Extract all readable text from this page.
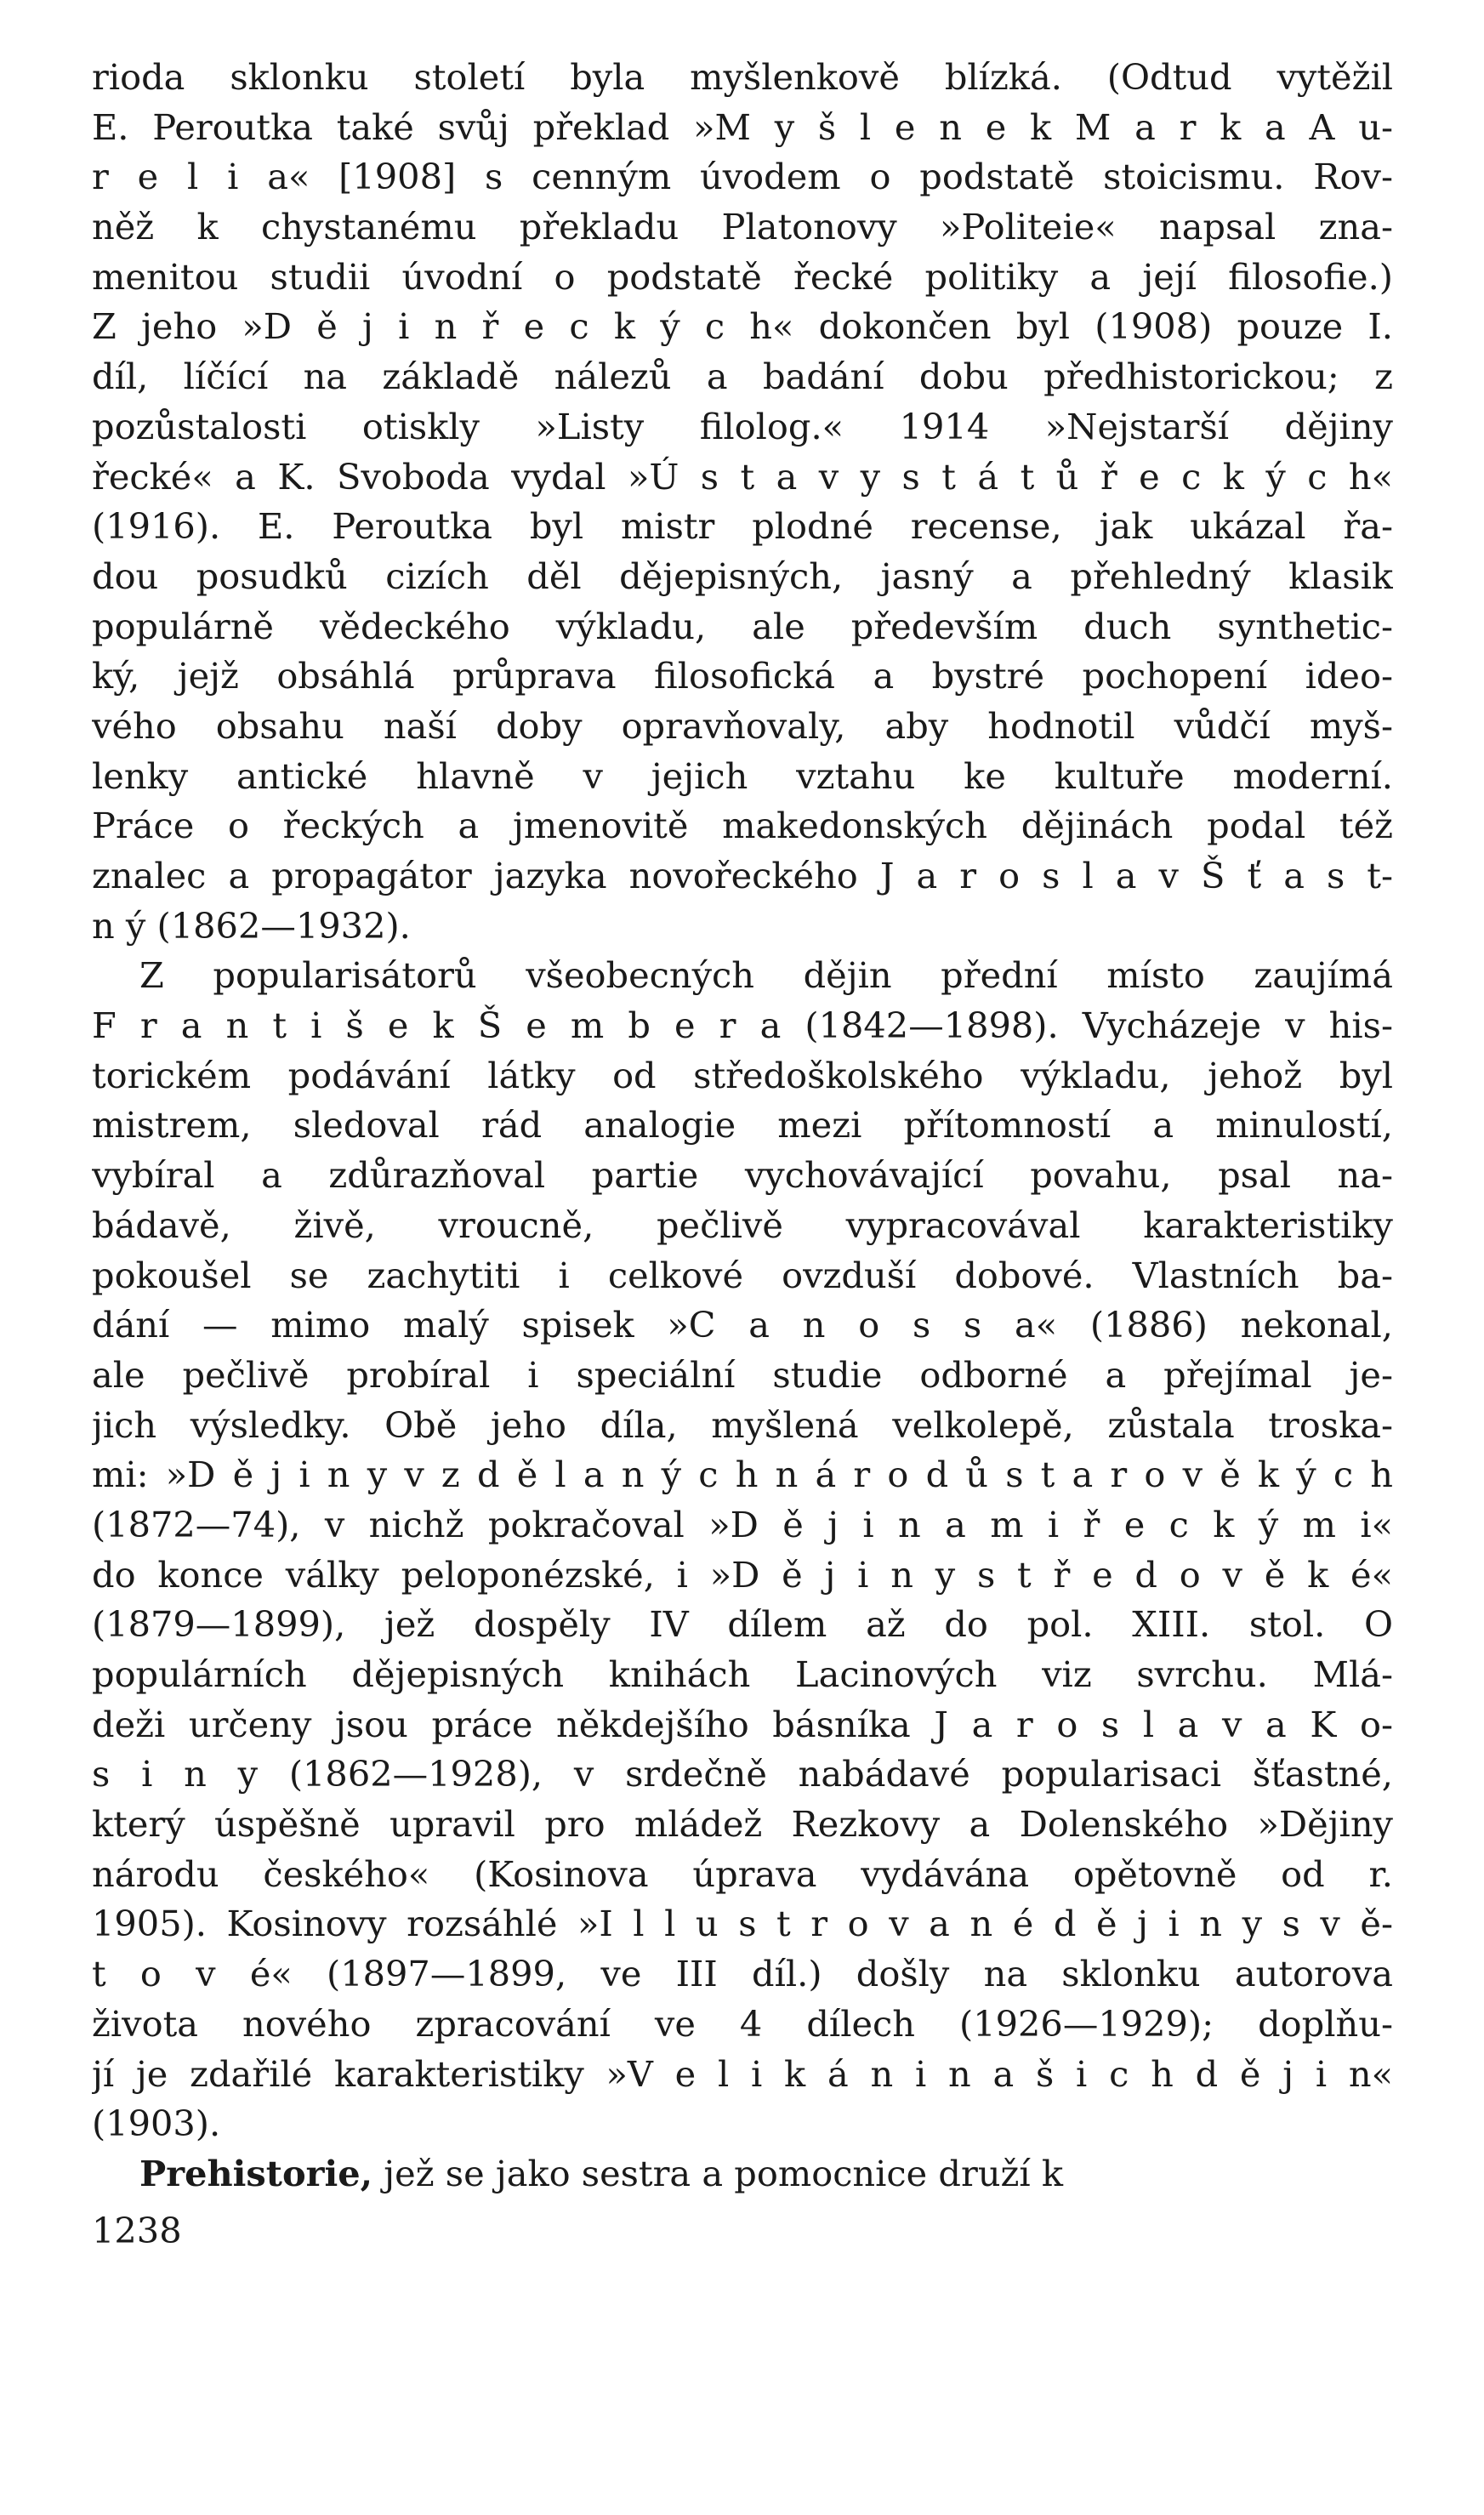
rioda sklonku století byla myšlenkově blízká. (Odtud vytěžil
E. Peroutka také svůj překlad »M y š l e n e k M a r k a A u-
r e l i a« [1908] s cenným úvodem o podstatě stoicismu. Rov-
něž k chystanému překladu Platonovy »Politeie« napsal zna-
menitou studii úvodní o podstatě řecké politiky a její filosofie.)
Z jeho »D ě j i n ř e c k ý c h« dokončen byl (1908) pouze I.
díl, líčící na základě nálezů a badání dobu předhistorickou; z
pozůstalosti otiskly »Listy filolog.« 1914 »Nejstarší dějiny
řecké« a K. Svoboda vydal »Ú s t a v y s t á t ů ř e c k ý c h«
(1916). E. Peroutka byl mistr plodné recense, jak ukázal řa-
dou posudků cizích děl dějepisných, jasný a přehledný klasik
populárně vědeckého výkladu, ale především duch synthetic-
ký, jejž obsáhlá průprava filosofická a bystré pochopení ideo-
vého obsahu naší doby opravňovaly, aby hodnotil vůdčí myš-
lenky antické hlavně v jejich vztahu ke kultuře moderní.
Práce o řeckých a jmenovitě makedonských dějinách podal též
znalec a propagátor jazyka novořeckého J a r o s l a v Š ť a s t-
n ý (1862—1932).
Z popularisátorů všeobecných dějin přední místo zaujímá
F r a n t i š e k Š e m b e r a (1842—1898). Vycházeje v his-
torickém podávání látky od středoškolského výkladu, jehož byl
mistrem, sledoval rád analogie mezi přítomností a minulostí,
vybíral a zdůrazňoval partie vychovávající povahu, psal na-
bádavě, živě, vroucně, pečlivě vypracovával karakteristiky
pokoušel se zachytiti i celkové ovzduší dobové. Vlastních ba-
dání — mimo malý spisek »C a n o s s a« (1886) nekonal,
ale pečlivě probíral i speciální studie odborné a přejímal je-
jich výsledky. Obě jeho díla, myšlená velkolepě, zůstala troska-
mi: »D ě j i n y v z d ě l a n ý c h n á r o d ů s t a r o v ě k ý c h
(1872—74), v nichž pokračoval »D ě j i n a m i ř e c k ý m i«
do konce války peloponézské, i »D ě j i n y s t ř e d o v ě k é«
(1879—1899), jež dospěly IV dílem až do pol. XIII. stol. O
populárních dějepisných knihách Lacinových viz svrchu. Mlá-
deži určeny jsou práce někdejšího básníka J a r o s l a v a K o-
s i n y (1862—1928), v srdečně nabádavé popularisaci šťastné,
který úspěšně upravil pro mládež Rezkovy a Dolenského »Dějiny
národu českého« (Kosinova úprava vydávána opětovně od r.
1905). Kosinovy rozsáhlé »I l l u s t r o v a n é d ě j i n y s v ě-
t o v é« (1897—1899, ve III díl.) došly na sklonku autorova
života nového zpracování ve 4 dílech (1926—1929); doplňu-
jí je zdařilé karakteristiky »V e l i k á n i n a š i c h d ě j i n«
(1903).
Prehistorie, jež se jako sestra a pomocnice druží k
1238
